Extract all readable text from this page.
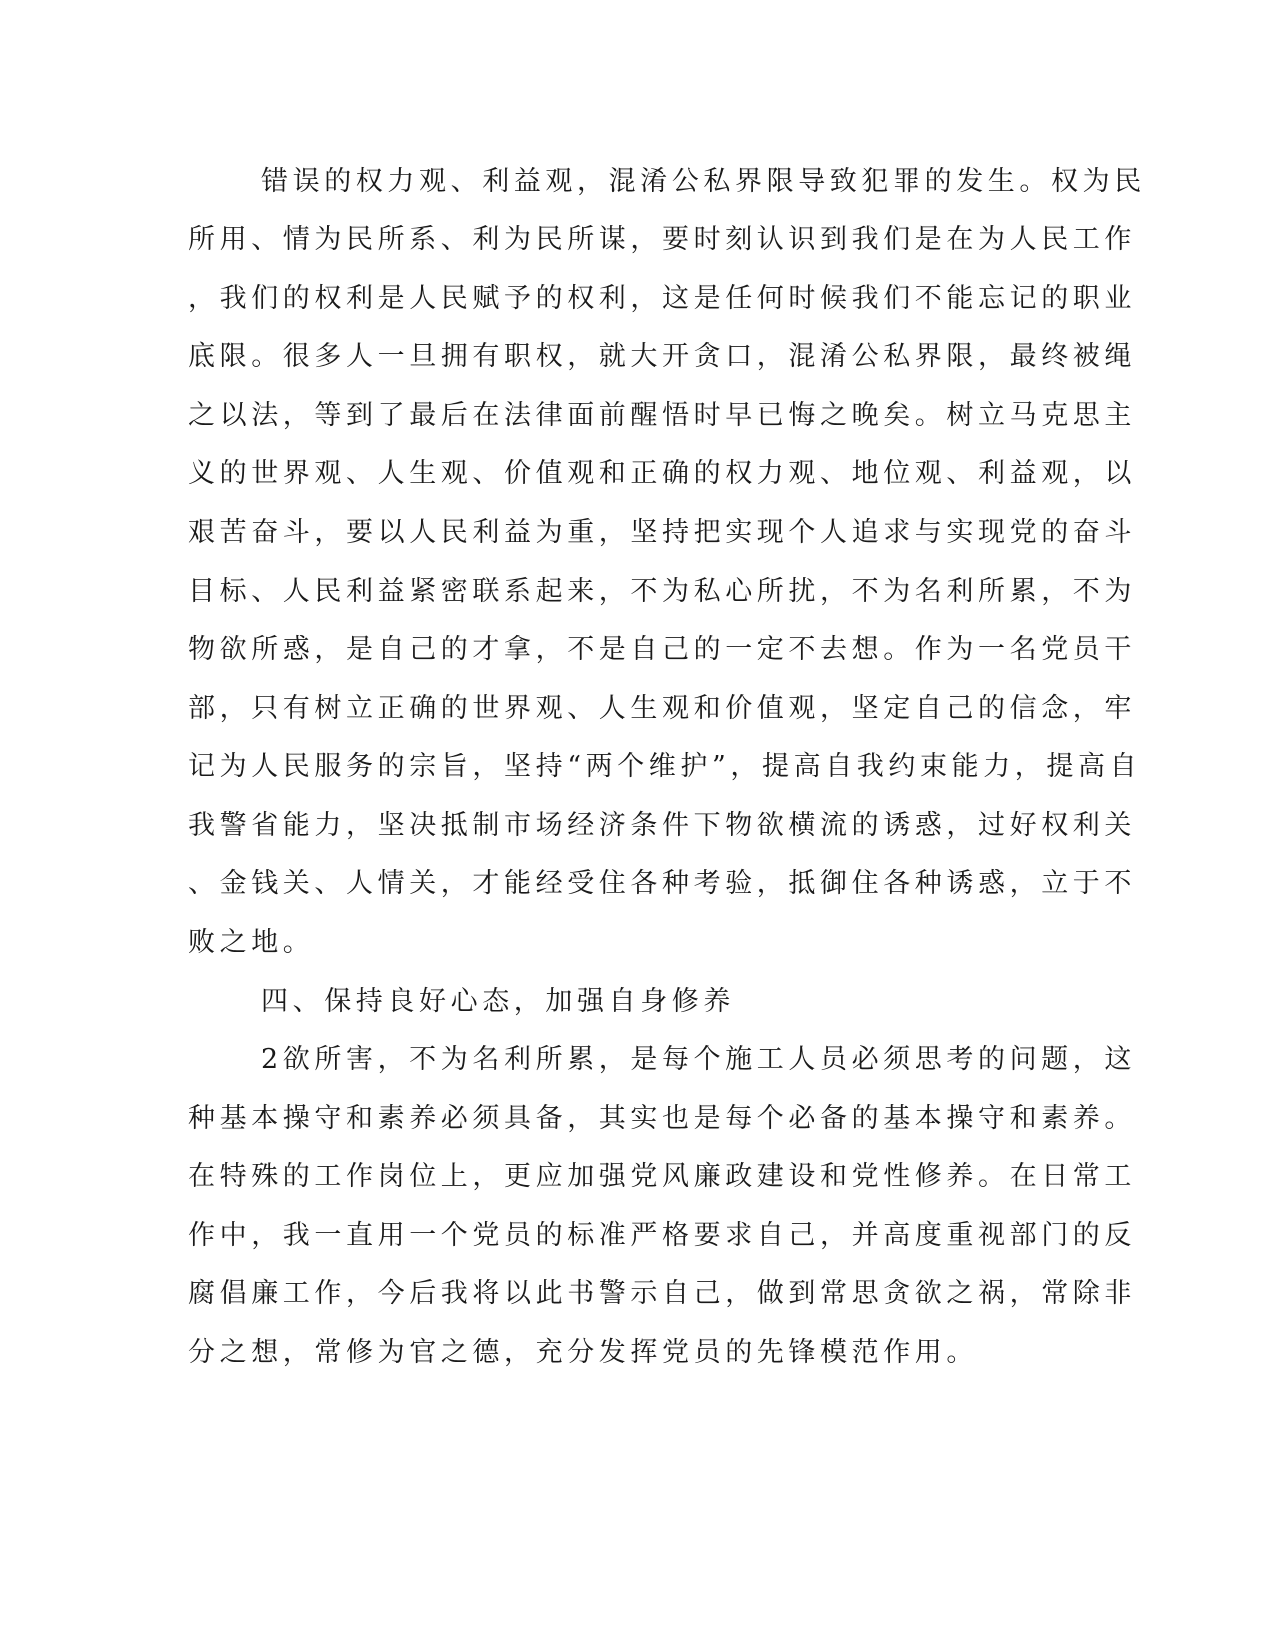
错误的权力观、利益观，混淆公私界限导致犯罪的发生。权为民
所用、情为民所系、利为民所谋，要时刻认识到我们是在为人民工作
，我们的权利是人民赋予的权利，这是任何时候我们不能忘记的职业
底限。很多人一旦拥有职权，就大开贪口，混淆公私界限，最终被绳
之以法，等到了最后在法律面前醒悟时早已悔之晚矣。树立马克思主
义的世界观、人生观、价值观和正确的权力观、地位观、利益观，以
艰苦奋斗，要以人民利益为重，坚持把实现个人追求与实现党的奋斗
目标、人民利益紧密联系起来，不为私心所扰，不为名利所累，不为
物欲所惑，是自己的才拿，不是自己的一定不去想。作为一名党员干
部，只有树立正确的世界观、人生观和价值观，坚定自己的信念，牢
记为人民服务的宗旨，坚持“两个维护”，提高自我约束能力，提高自
我警省能力，坚决抵制市场经济条件下物欲横流的诱惑，过好权利关
、金钱关、人情关，才能经受住各种考验，抵御住各种诱惑，立于不
败之地。
四、保持良好心态，加强自身修养
2欲所害，不为名利所累，是每个施工人员必须思考的问题，这
种基本操守和素养必须具备，其实也是每个必备的基本操守和素养。
在特殊的工作岗位上，更应加强党风廉政建设和党性修养。在日常工
作中，我一直用一个党员的标准严格要求自己，并高度重视部门的反
腐倡廉工作，今后我将以此书警示自己，做到常思贪欲之祸，常除非
分之想，常修为官之德，充分发挥党员的先锋模范作用。
